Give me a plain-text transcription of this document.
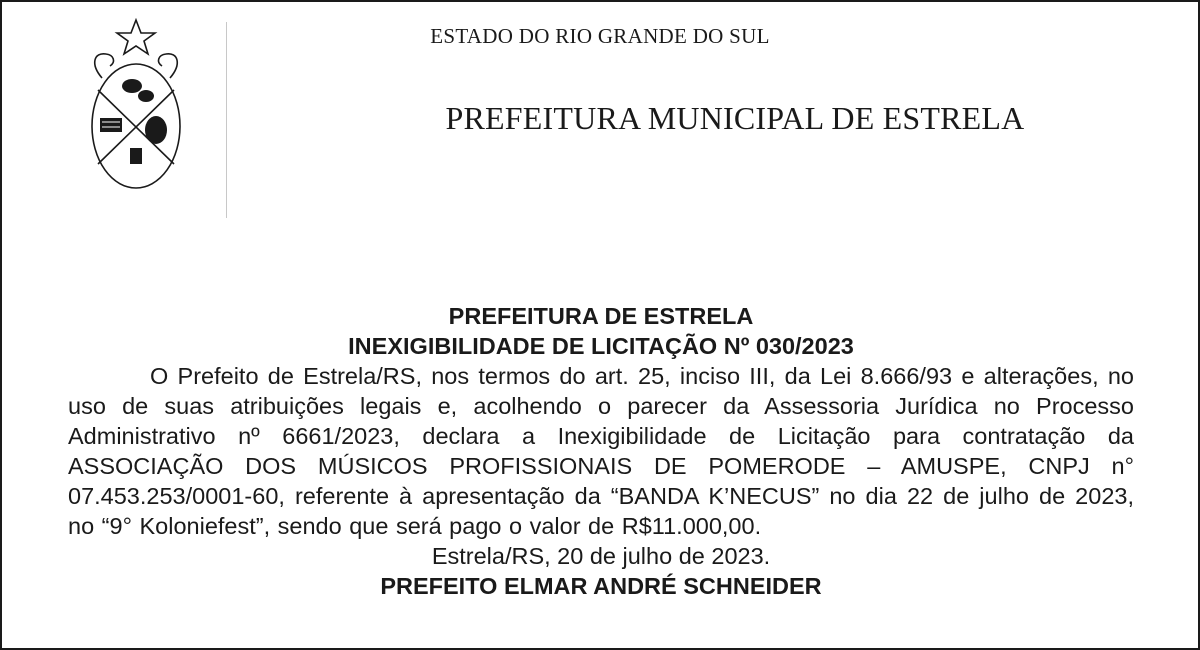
ESTADO DO RIO GRANDE DO SUL
PREFEITURA MUNICIPAL DE ESTRELA
PREFEITURA DE ESTRELA
INEXIGIBILIDADE DE LICITAÇÃO Nº 030/2023
O Prefeito de Estrela/RS, nos termos do art. 25, inciso III, da Lei 8.666/93 e alterações, no uso de suas atribuições legais e, acolhendo o parecer da Assessoria Jurídica no Processo Administrativo nº 6661/2023, declara a Inexigibilidade de Licitação para contratação da ASSOCIAÇÃO DOS MÚSICOS PROFISSIONAIS DE POMERODE – AMUSPE, CNPJ n° 07.453.253/0001-60, referente à apresentação da “BANDA K’NECUS” no dia 22 de julho de 2023, no “9° Koloniefest”, sendo que será pago o valor de R$11.000,00.
Estrela/RS, 20 de julho de 2023.
PREFEITO ELMAR ANDRÉ SCHNEIDER
